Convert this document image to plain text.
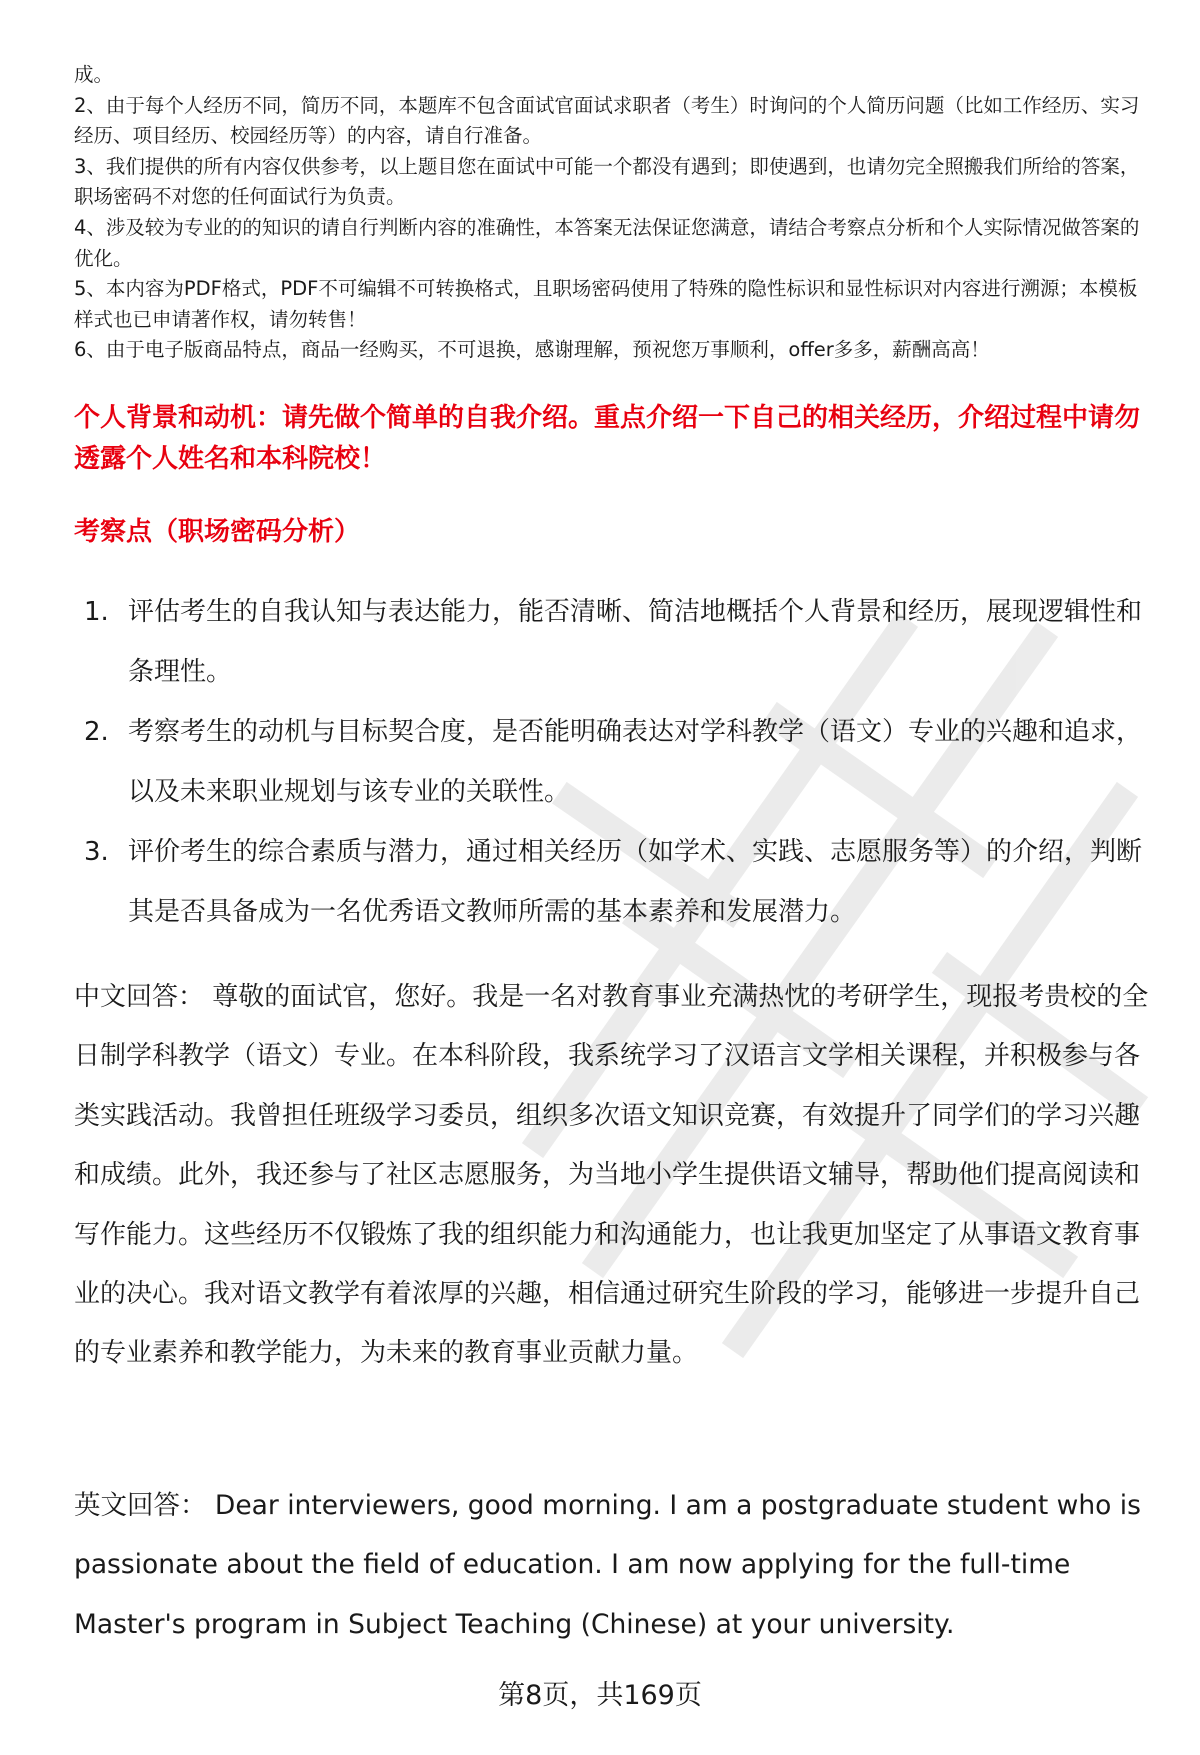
成。

2、由于每个人经历不同，简历不同，本题库不包含面试官面试求职者（考生）时询问的个人简历问题（比如工作经历、实习经历、项目经历、校园经历等）的内容，请自行准备。

3、我们提供的所有内容仅供参考，以上题目您在面试中可能一个都没有遇到；即使遇到，也请勿完全照搬我们所给的答案，职场密码不对您的任何面试行为负责。

4、涉及较为专业的的知识的请自行判断内容的准确性，本答案无法保证您满意，请结合考察点分析和个人实际情况做答案的优化。

5、本内容为PDF格式，PDF不可编辑不可转换格式，且职场密码使用了特殊的隐性标识和显性标识对内容进行溯源；本模板样式也已申请著作权，请勿转售！

6、由于电子版商品特点，商品一经购买，不可退换，感谢理解，预祝您万事顺利，offer多多，薪酬高高！

个人背景和动机：请先做个简单的自我介绍。重点介绍一下自己的相关经历，介绍过程中请勿透露个人姓名和本科院校！
考察点（职场密码分析）
1. 评估考生的自我认知与表达能力，能否清晰、简洁地概括个人背景和经历，展现逻辑性和条理性。
2. 考察考生的动机与目标契合度，是否能明确表达对学科教学（语文）专业的兴趣和追求，以及未来职业规划与该专业的关联性。
3. 评价考生的综合素质与潜力，通过相关经历（如学术、实践、志愿服务等）的介绍，判断其是否具备成为一名优秀语文教师所需的基本素养和发展潜力。

中文回答： 尊敬的面试官，您好。我是一名对教育事业充满热忱的考研学生，现报考贵校的全日制学科教学（语文）专业。在本科阶段，我系统学习了汉语言文学相关课程，并积极参与各类实践活动。我曾担任班级学习委员，组织多次语文知识竞赛，有效提升了同学们的学习兴趣和成绩。此外，我还参与了社区志愿服务，为当地小学生提供语文辅导，帮助他们提高阅读和写作能力。这些经历不仅锻炼了我的组织能力和沟通能力，也让我更加坚定了从事语文教育事业的决心。我对语文教学有着浓厚的兴趣，相信通过研究生阶段的学习，能够进一步提升自己的专业素养和教学能力，为未来的教育事业贡献力量。

英文回答： Dear interviewers, good morning. I am a postgraduate student who is passionate about the field of education. I am now applying for the full-time Master's program in Subject Teaching (Chinese) at your university.

第8页，共169页
